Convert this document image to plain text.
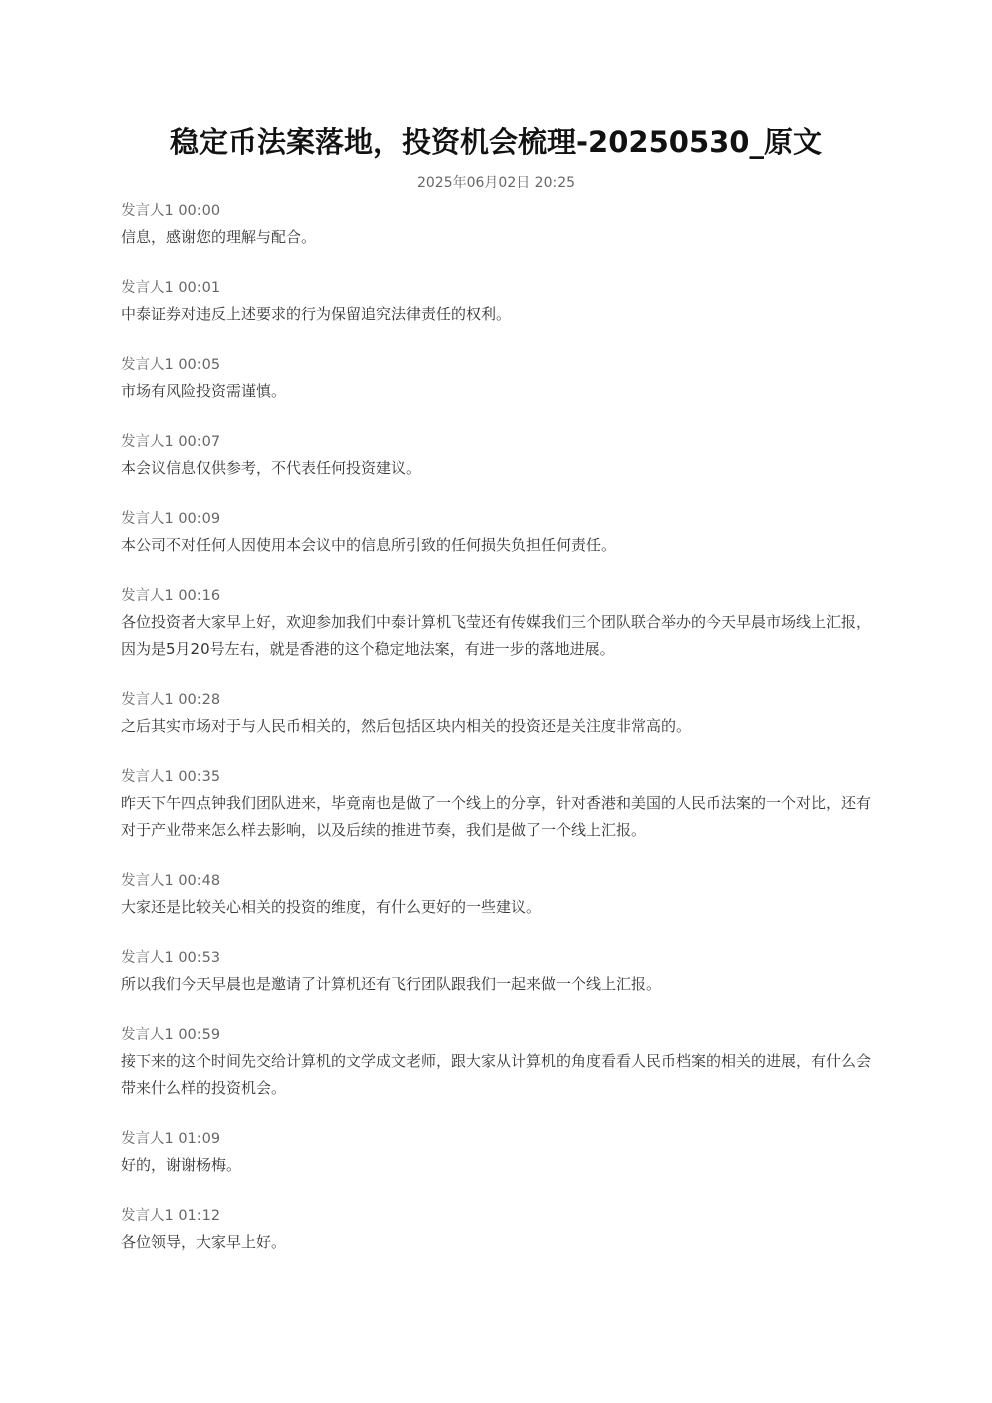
稳定币法案落地，投资机会梳理-20250530_原文
2025年06月02日 20:25
发言人1 00:00

信息，感谢您的理解与配合。

发言人1 00:01

中泰证券对违反上述要求的行为保留追究法律责任的权利。

发言人1 00:05

市场有风险投资需谨慎。

发言人1 00:07

本会议信息仅供参考，不代表任何投资建议。

发言人1 00:09

本公司不对任何人因使用本会议中的信息所引致的任何损失负担任何责任。

发言人1 00:16

各位投资者大家早上好，欢迎参加我们中泰计算机飞莹还有传媒我们三个团队联合举办的今天早晨市场线上汇报，因为是5月20号左右，就是香港的这个稳定地法案，有进一步的落地进展。

发言人1 00:28

之后其实市场对于与人民币相关的，然后包括区块内相关的投资还是关注度非常高的。

发言人1 00:35

昨天下午四点钟我们团队进来，毕竟南也是做了一个线上的分享，针对香港和美国的人民币法案的一个对比，还有对于产业带来怎么样去影响，以及后续的推进节奏，我们是做了一个线上汇报。

发言人1 00:48

大家还是比较关心相关的投资的维度，有什么更好的一些建议。

发言人1 00:53

所以我们今天早晨也是邀请了计算机还有飞行团队跟我们一起来做一个线上汇报。

发言人1 00:59

接下来的这个时间先交给计算机的文学成文老师，跟大家从计算机的角度看看人民币档案的相关的进展，有什么会带来什么样的投资机会。

发言人1 01:09

好的，谢谢杨梅。

发言人1 01:12

各位领导，大家早上好。
